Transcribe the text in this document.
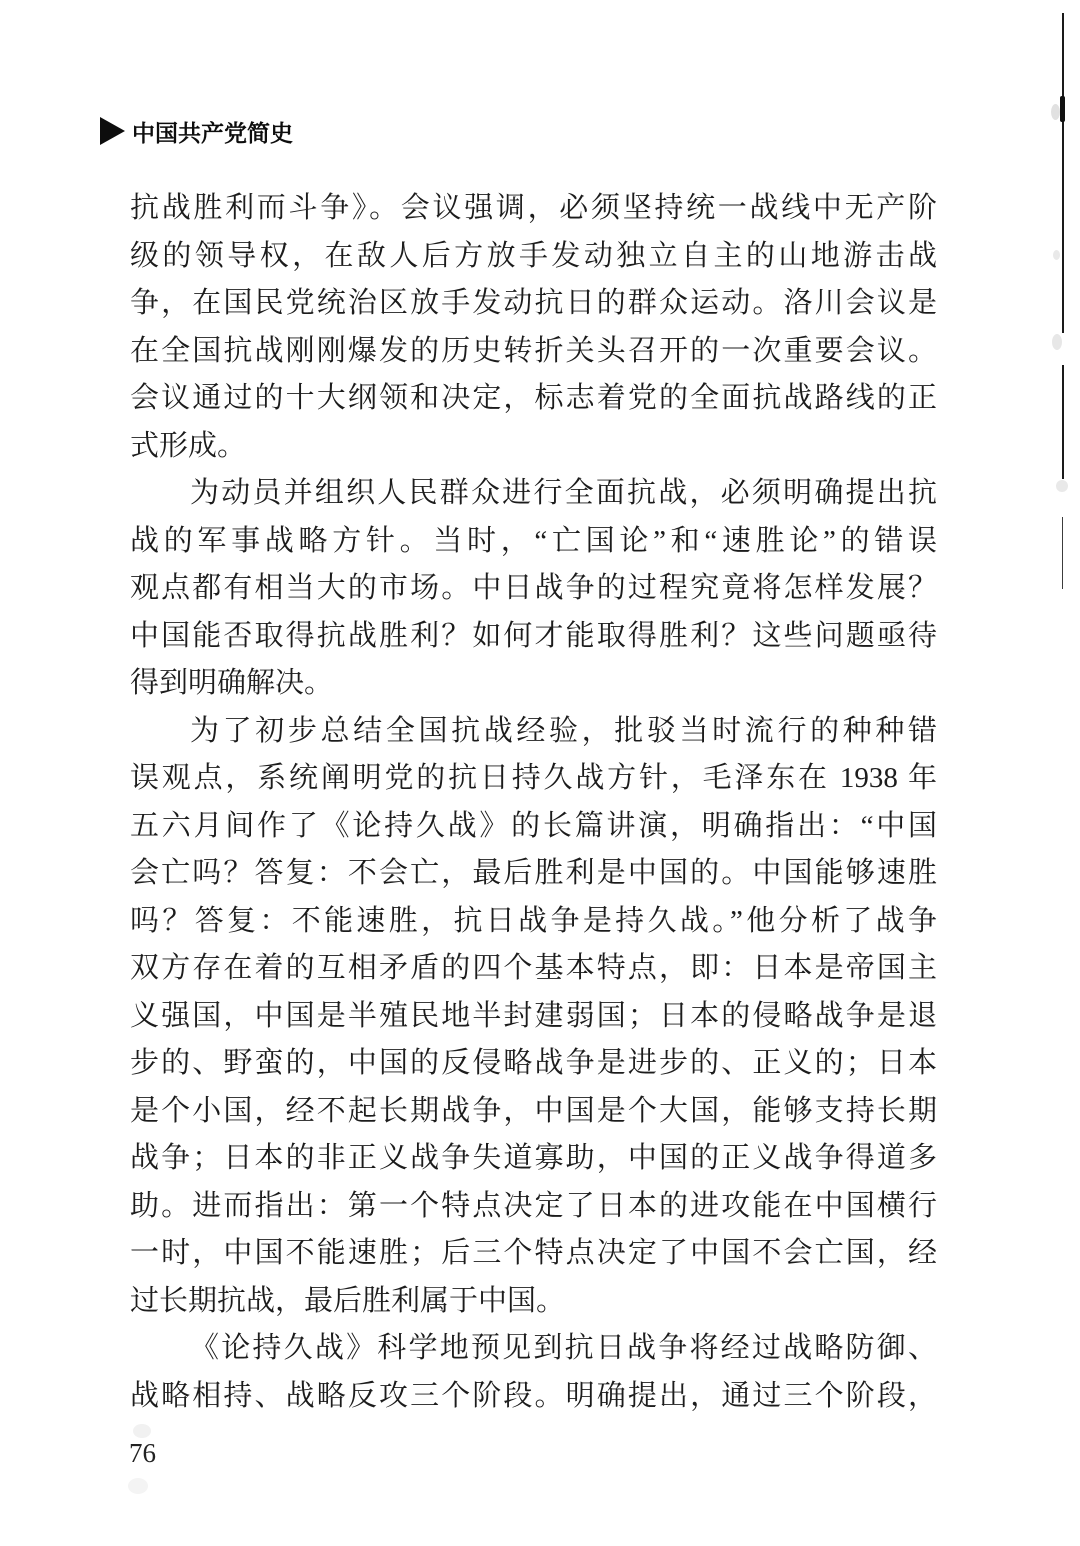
中国共产党简史
抗战胜利而斗争》。会议强调，必须坚持统一战线中无产阶
级的领导权，在敌人后方放手发动独立自主的山地游击战
争，在国民党统治区放手发动抗日的群众运动。洛川会议是
在全国抗战刚刚爆发的历史转折关头召开的一次重要会议。
会议通过的十大纲领和决定，标志着党的全面抗战路线的正
式形成。
为动员并组织人民群众进行全面抗战，必须明确提出抗
战的军事战略方针。当时，“亡国论”和“速胜论”的错误
观点都有相当大的市场。中日战争的过程究竟将怎样发展？
中国能否取得抗战胜利？如何才能取得胜利？这些问题亟待
得到明确解决。
为了初步总结全国抗战经验，批驳当时流行的种种错
误观点，系统阐明党的抗日持久战方针，毛泽东在 1938 年
五六月间作了《论持久战》的长篇讲演，明确指出：“中国
会亡吗？答复：不会亡，最后胜利是中国的。中国能够速胜
吗？答复：不能速胜，抗日战争是持久战。”他分析了战争
双方存在着的互相矛盾的四个基本特点，即：日本是帝国主
义强国，中国是半殖民地半封建弱国；日本的侵略战争是退
步的、野蛮的，中国的反侵略战争是进步的、正义的；日本
是个小国，经不起长期战争，中国是个大国，能够支持长期
战争；日本的非正义战争失道寡助，中国的正义战争得道多
助。进而指出：第一个特点决定了日本的进攻能在中国横行
一时，中国不能速胜；后三个特点决定了中国不会亡国，经
过长期抗战，最后胜利属于中国。
《论持久战》科学地预见到抗日战争将经过战略防御、
战略相持、战略反攻三个阶段。明确提出，通过三个阶段，
76
